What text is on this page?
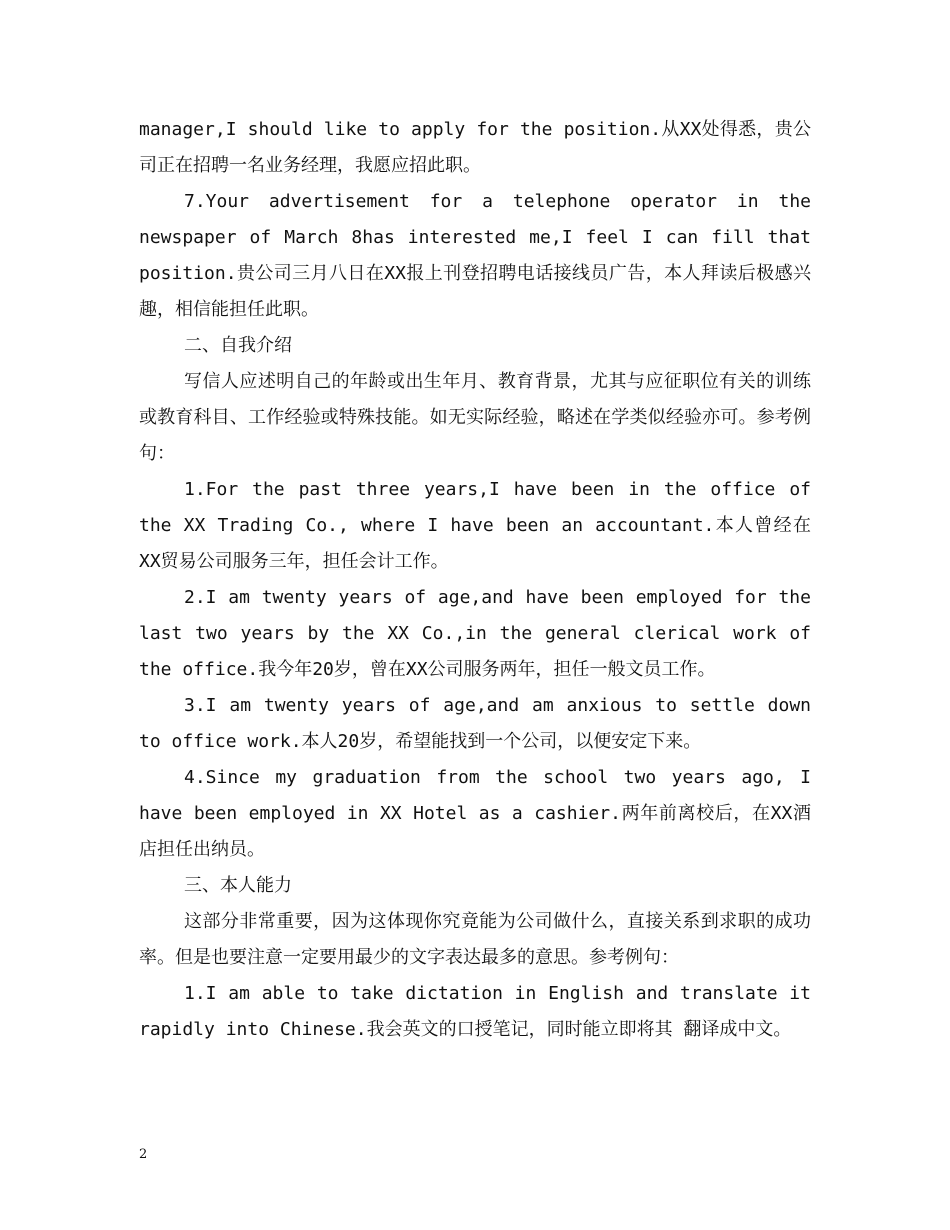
manager,I should like to apply for the position.从XX处得悉，贵公司正在招聘一名业务经理，我愿应招此职。

7.Your advertisement for a telephone operator in the newspaper of March 8has interested me,I feel I can fill that position.贵公司三月八日在XX报上刊登招聘电话接线员广告，本人拜读后极感兴趣，相信能担任此职。

二、自我介绍

写信人应述明自己的年龄或出生年月、教育背景，尤其与应征职位有关的训练或教育科目、工作经验或特殊技能。如无实际经验，略述在学类似经验亦可。参考例句：

1.For the past three years,I have been in the office of the XX Trading Co., where I have been an accountant.本人曾经在XX贸易公司服务三年，担任会计工作。

2.I am twenty years of age,and have been employed for the last two years by the XX Co.,in the general clerical work of the office.我今年20岁，曾在XX公司服务两年，担任一般文员工作。

3.I am twenty years of age,and am anxious to settle down to office work.本人20岁，希望能找到一个公司，以便安定下来。

4.Since my graduation from the school two years ago, I have been employed in XX Hotel as a cashier.两年前离校后，在XX酒店担任出纳员。

三、本人能力

这部分非常重要，因为这体现你究竟能为公司做什么，直接关系到求职的成功率。但是也要注意一定要用最少的文字表达最多的意思。参考例句：

1.I am able to take dictation in English and translate it rapidly into Chinese.我会英文的口授笔记，同时能立即将其 翻译成中文。

2
